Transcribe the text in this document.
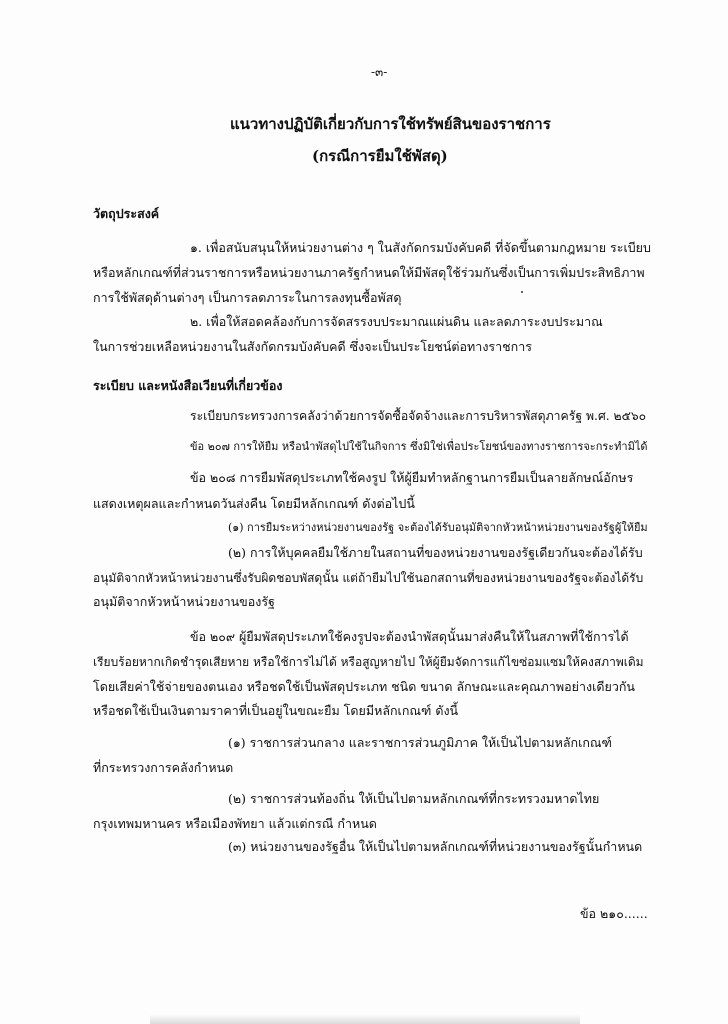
-๓-
แนวทางปฏิบัติเกี่ยวกับการใช้ทรัพย์สินของราชการ
(กรณีการยืมใช้พัสดุ)
วัตถุประสงค์
๑. เพื่อสนับสนุนให้หน่วยงานต่าง ๆ ในสังกัดกรมบังคับคดี ที่จัดขึ้นตามกฎหมาย ระเบียบ
หรือหลักเกณฑ์ที่ส่วนราชการหรือหน่วยงานภาครัฐกำหนดให้มีพัสดุใช้ร่วมกันซึ่งเป็นการเพิ่มประสิทธิภาพ
การใช้พัสดุด้านต่างๆ เป็นการลดภาระในการลงทุนซื้อพัสดุ
๒. เพื่อให้สอดคล้องกับการจัดสรรงบประมาณแผ่นดิน และลดภาระงบประมาณ
ในการช่วยเหลือหน่วยงานในสังกัดกรมบังคับคดี ซึ่งจะเป็นประโยชน์ต่อทางราชการ
ระเบียบ และหนังสือเวียนที่เกี่ยวข้อง
ระเบียบกระทรวงการคลังว่าด้วยการจัดซื้อจัดจ้างและการบริหารพัสดุภาครัฐ พ.ศ. ๒๕๖๐
ข้อ ๒๐๗ การให้ยืม หรือนำพัสดุไปใช้ในกิจการ ซึ่งมิใช่เพื่อประโยชน์ของทางราชการจะกระทำมิได้
ข้อ ๒๐๘ การยืมพัสดุประเภทใช้คงรูป ให้ผู้ยืมทำหลักฐานการยืมเป็นลายลักษณ์อักษร
แสดงเหตุผลและกำหนดวันส่งคืน โดยมีหลักเกณฑ์ ดังต่อไปนี้
(๑) การยืมระหว่างหน่วยงานของรัฐ จะต้องได้รับอนุมัติจากหัวหน้าหน่วยงานของรัฐผู้ให้ยืม
(๒) การให้บุคคลยืมใช้ภายในสถานที่ของหน่วยงานของรัฐเดียวกันจะต้องได้รับ
อนุมัติจากหัวหน้าหน่วยงานซึ่งรับผิดชอบพัสดุนั้น แต่ถ้ายืมไปใช้นอกสถานที่ของหน่วยงานของรัฐจะต้องได้รับ
อนุมัติจากหัวหน้าหน่วยงานของรัฐ
ข้อ ๒๐๙ ผู้ยืมพัสดุประเภทใช้คงรูปจะต้องนำพัสดุนั้นมาส่งคืนให้ในสภาพที่ใช้การได้
เรียบร้อยหากเกิดชำรุดเสียหาย หรือใช้การไม่ได้ หรือสูญหายไป ให้ผู้ยืมจัดการแก้ไขซ่อมแซมให้คงสภาพเดิม
โดยเสียค่าใช้จ่ายของตนเอง หรือชดใช้เป็นพัสดุประเภท ชนิด ขนาด ลักษณะและคุณภาพอย่างเดียวกัน
หรือชดใช้เป็นเงินตามราคาที่เป็นอยู่ในขณะยืม โดยมีหลักเกณฑ์ ดังนี้
(๑) ราชการส่วนกลาง และราชการส่วนภูมิภาค ให้เป็นไปตามหลักเกณฑ์
ที่กระทรวงการคลังกำหนด
(๒) ราชการส่วนท้องถิ่น ให้เป็นไปตามหลักเกณฑ์ที่กระทรวงมหาดไทย
กรุงเทพมหานคร หรือเมืองพัทยา แล้วแต่กรณี กำหนด
(๓) หน่วยงานของรัฐอื่น ให้เป็นไปตามหลักเกณฑ์ที่หน่วยงานของรัฐนั้นกำหนด
ข้อ ๒๑๐......
